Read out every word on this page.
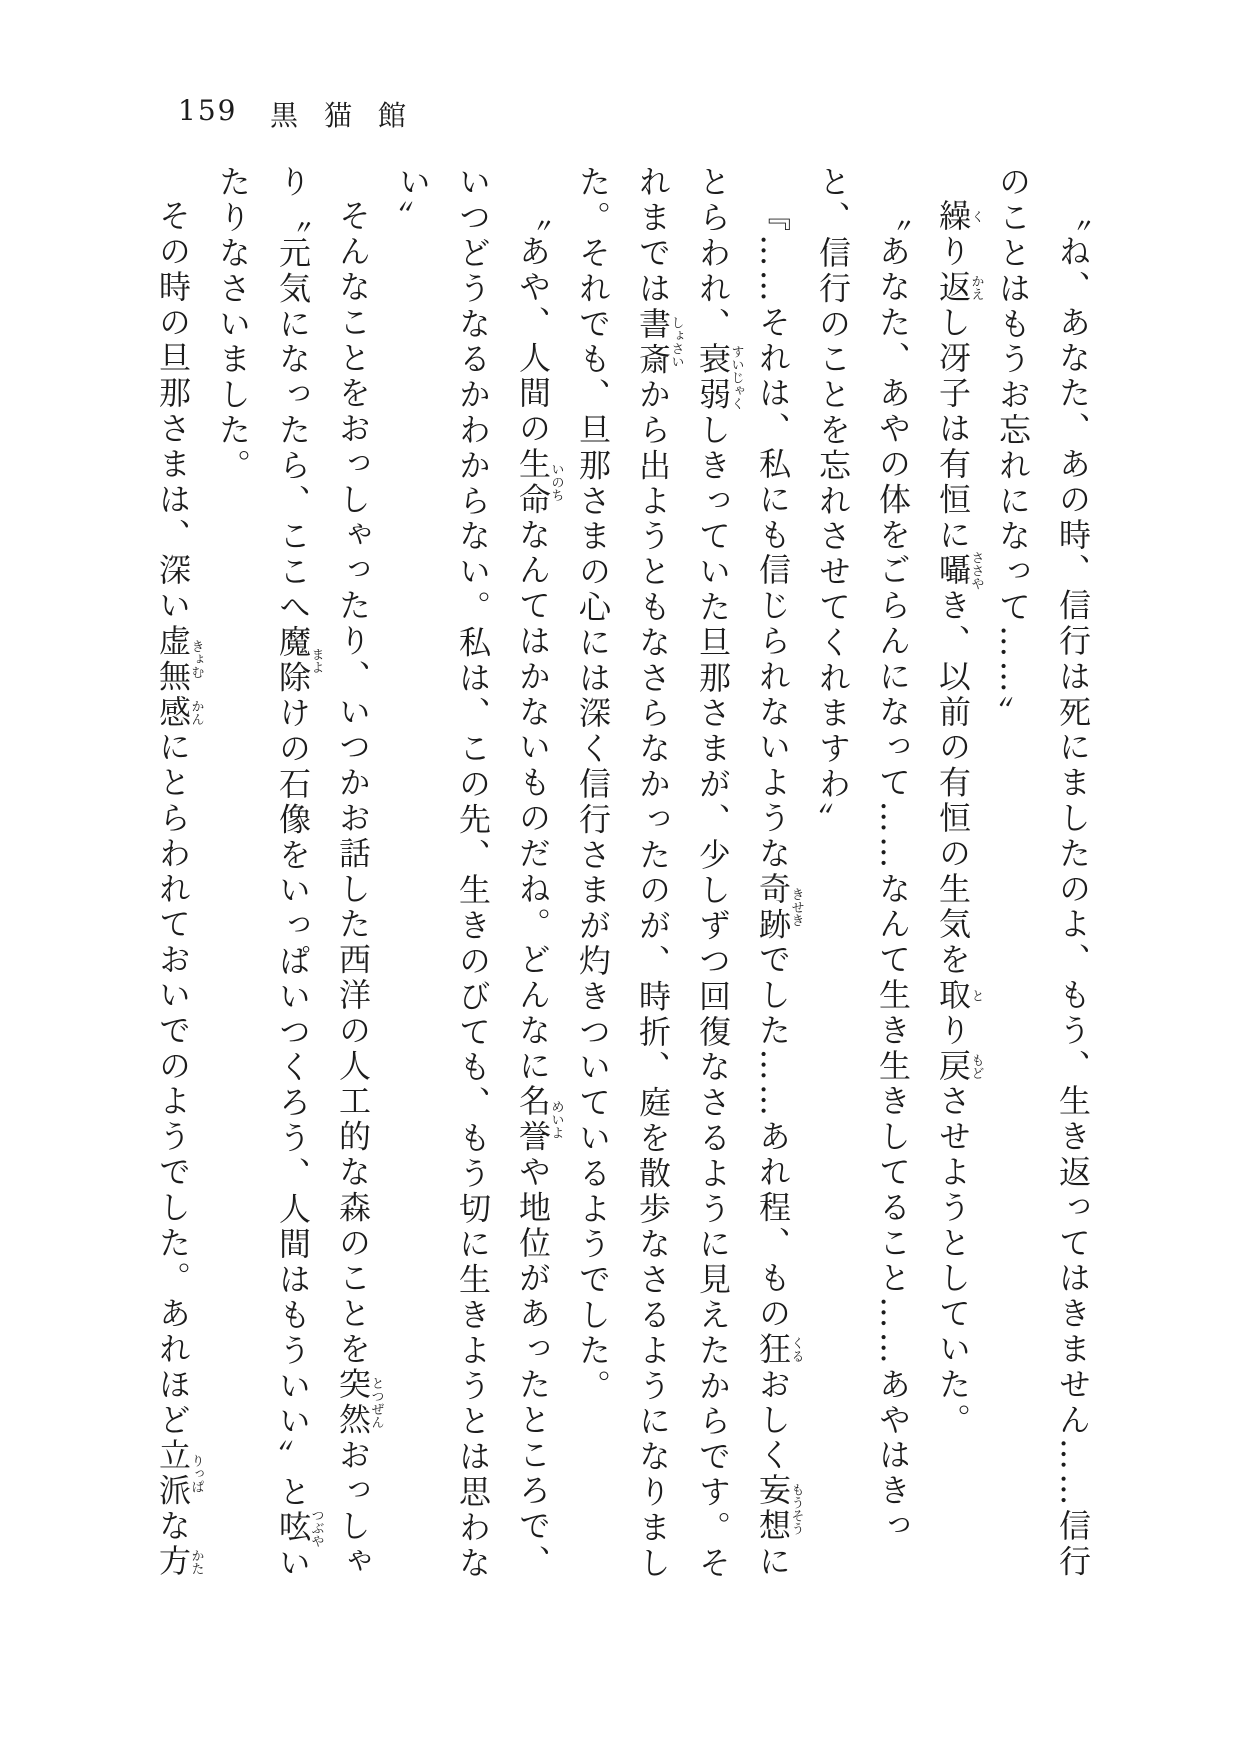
159 黒猫館

〝ね、あなた、あの時、信行は死にましたのよ、もう、生き返ってはきません……信行のことはもうお忘れになって……〟

繰くり返かえし冴子は有恒に囁ささやき、以前の有恒の生気を取とり戻もどさせようとしていた。

〝あなた、あやの体をごらんになって……なんて生き生きしてること……あやはきっと、信行のことを忘れさせてくれますわ〟

『……それは、私にも信じられないような奇跡きせきでした……あれ程、もの狂くるおしく妄想もうそうにとらわれ、衰弱すいじゃくしきっていた旦那さまが、少しずつ回復なさるように見えたからです。それまでは書斎しょさいから出ようともなさらなかったのが、時折、庭を散歩なさるようになりました。それでも、旦那さまの心には深く信行さまが灼きついているようでした。

〝あや、人間の生命いのちなんてはかないものだね。どんなに名誉めいよや地位があったところで、いつどうなるかわからない。私は、この先、生きのびても、もう切に生きようとは思わない〟

そんなことをおっしゃったり、いつかお話した西洋の人工的な森のことを突然とつぜんおっしゃり〝元気になったら、ここへ魔除まよけの石像をいっぱいつくろう、人間はもういい〟と呟つぶやいたりなさいました。

その時の旦那さまは、深い虚無きょむ感かんにとらわれておいでのようでした。あれほど立派りっぱな方かた
